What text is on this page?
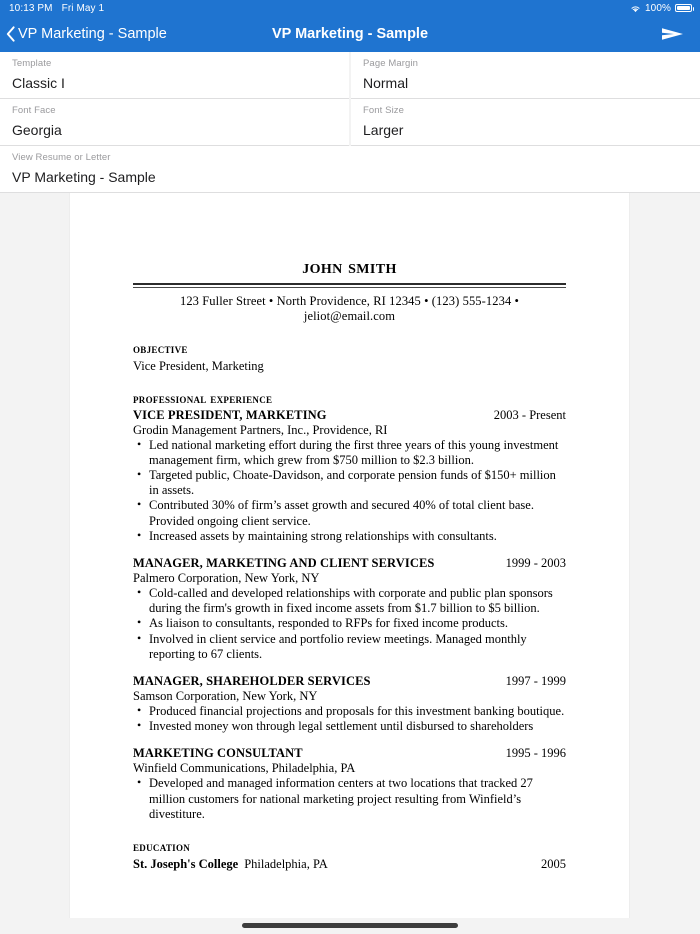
10:13 PM Fri May 1	100%
VP Marketing - Sample	VP Marketing - Sample
Template
Classic I
Page Margin
Normal
Font Face
Georgia
Font Size
Larger
View Resume or Letter
VP Marketing - Sample
john smith
123 Fuller Street • North Providence, RI 12345 • (123) 555-1234 • jeliot@email.com
objective
Vice President, Marketing
professional experience
VICE PRESIDENT, MARKETING	2003 - Present
Grodin Management Partners, Inc., Providence, RI
• Led national marketing effort during the first three years of this young investment management firm, which grew from $750 million to $2.3 billion.
• Targeted public, Choate-Davidson, and corporate pension funds of $150+ million in assets.
• Contributed 30% of firm’s asset growth and secured 40% of total client base. Provided ongoing client service.
• Increased assets by maintaining strong relationships with consultants.
MANAGER, MARKETING AND CLIENT SERVICES	1999 - 2003
Palmero Corporation, New York, NY
• Cold-called and developed relationships with corporate and public plan sponsors during the firm's growth in fixed income assets from $1.7 billion to $5 billion.
• As liaison to consultants, responded to RFPs for fixed income products.
• Involved in client service and portfolio review meetings. Managed monthly reporting to 67 clients.
MANAGER, SHAREHOLDER SERVICES	1997 - 1999
Samson Corporation, New York, NY
• Produced financial projections and proposals for this investment banking boutique.
• Invested money won through legal settlement until disbursed to shareholders
MARKETING CONSULTANT	1995 - 1996
Winfield Communications, Philadelphia, PA
• Developed and managed information centers at two locations that tracked 27 million customers for national marketing project resulting from Winfield’s divestiture.
education
St. Joseph's College Philadelphia, PA	2005
